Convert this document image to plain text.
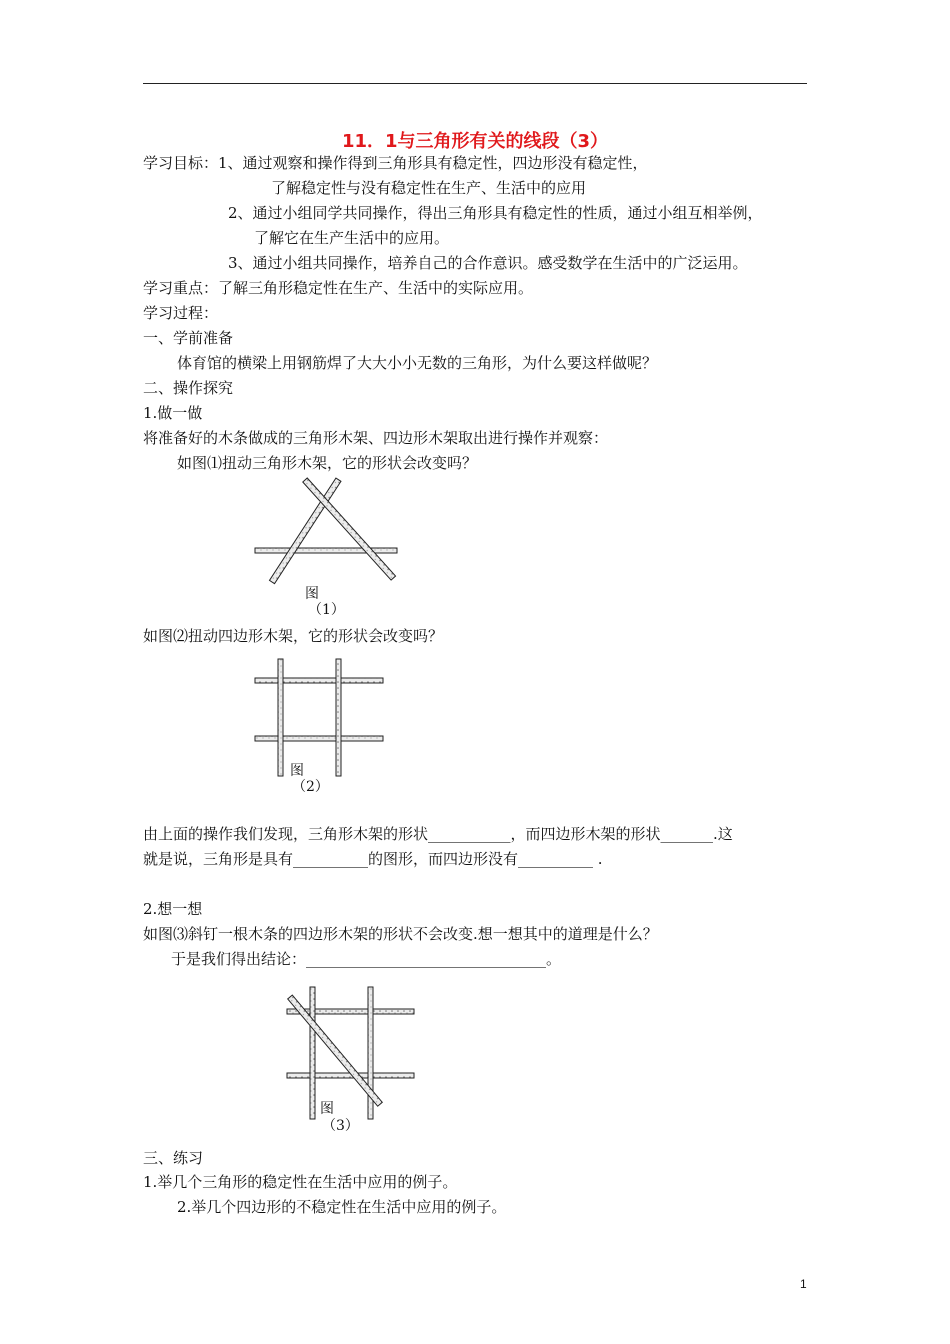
11．1与三角形有关的线段（3）
学习目标：1、通过观察和操作得到三角形具有稳定性，四边形没有稳定性，
了解稳定性与没有稳定性在生产、生活中的应用
2、通过小组同学共同操作，得出三角形具有稳定性的性质，通过小组互相举例，
了解它在生产生活中的应用。
3、通过小组共同操作，培养自己的合作意识。感受数学在生活中的广泛运用。
学习重点：了解三角形稳定性在生产、生活中的实际应用。
学习过程：
一、学前准备
体育馆的横梁上用钢筋焊了大大小小无数的三角形，为什么要这样做呢？
二、操作探究
1.做一做
将准备好的木条做成的三角形木架、四边形木架取出进行操作并观察：
如图⑴扭动三角形木架，它的形状会改变吗？
图
（1）
如图⑵扭动四边形木架，它的形状会改变吗？
图
（2）
由上面的操作我们发现，三角形木架的形状___________，而四边形木架的形状_______.这
就是说，三角形是具有__________的图形，而四边形没有__________ .
2.想一想
如图⑶斜钉一根木条的四边形木架的形状不会改变.想一想其中的道理是什么？
于是我们得出结论：________________________________。
图
（3）
三、练习
1.举几个三角形的稳定性在生活中应用的例子。
2.举几个四边形的不稳定性在生活中应用的例子。
1
